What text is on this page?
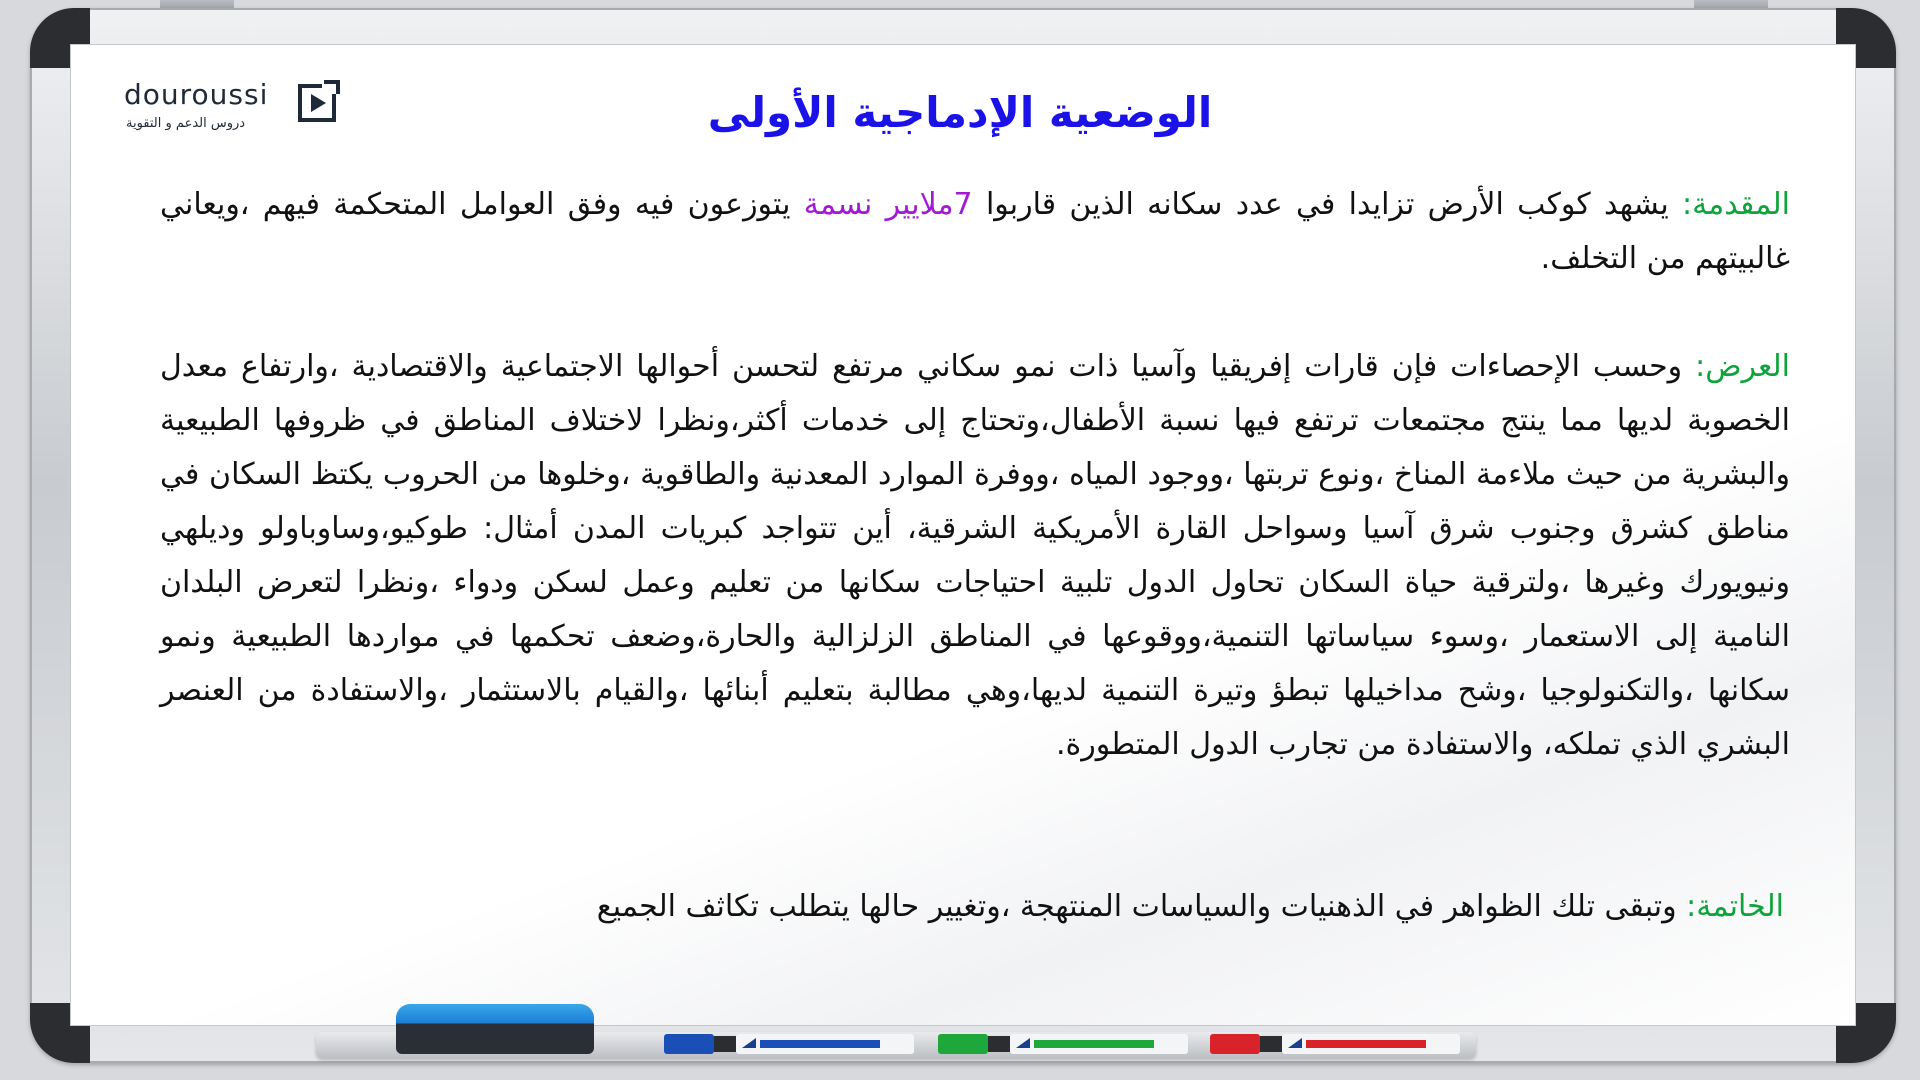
douroussi
دروس الدعم و التقوية	الوضعية الإدماجية الأولى
المقدمة: يشهد كوكب الأرض تزايدا في عدد سكانه الذين قاربوا 7ملايير نسمة يتوزعون فيه وفق العوامل المتحكمة فيهم ،ويعاني غالبيتهم من التخلف.
العرض: وحسب الإحصاءات فإن قارات إفريقيا وآسيا ذات نمو سكاني مرتفع لتحسن أحوالها الاجتماعية والاقتصادية ،وارتفاع معدل الخصوبة لديها مما ينتج مجتمعات ترتفع فيها نسبة الأطفال،وتحتاج إلى خدمات أكثر،ونظرا لاختلاف المناطق في ظروفها الطبيعية والبشرية من حيث ملاءمة المناخ ،ونوع تربتها ،ووجود المياه ،ووفرة الموارد المعدنية والطاقوية ،وخلوها من الحروب يكتظ السكان في مناطق كشرق وجنوب شرق آسيا وسواحل القارة الأمريكية الشرقية، أين تتواجد كبريات المدن أمثال: طوكيو،وساوباولو وديلهي ونيويورك وغيرها ،ولترقية حياة السكان تحاول الدول تلبية احتياجات سكانها من تعليم وعمل لسكن ودواء ،ونظرا لتعرض البلدان النامية إلى الاستعمار ،وسوء سياساتها التنمية،ووقوعها في المناطق الزلزالية والحارة،وضعف تحكمها في مواردها الطبيعية ونمو سكانها ،والتكنولوجيا ،وشح مداخيلها تبطؤ وتيرة التنمية لديها،وهي مطالبة بتعليم أبنائها ،والقيام بالاستثمار ،والاستفادة من العنصر البشري الذي تملكه، والاستفادة من تجارب الدول المتطورة.
الخاتمة: وتبقى تلك الظواهر في الذهنيات والسياسات المنتهجة ،وتغيير حالها يتطلب تكاثف الجميع
